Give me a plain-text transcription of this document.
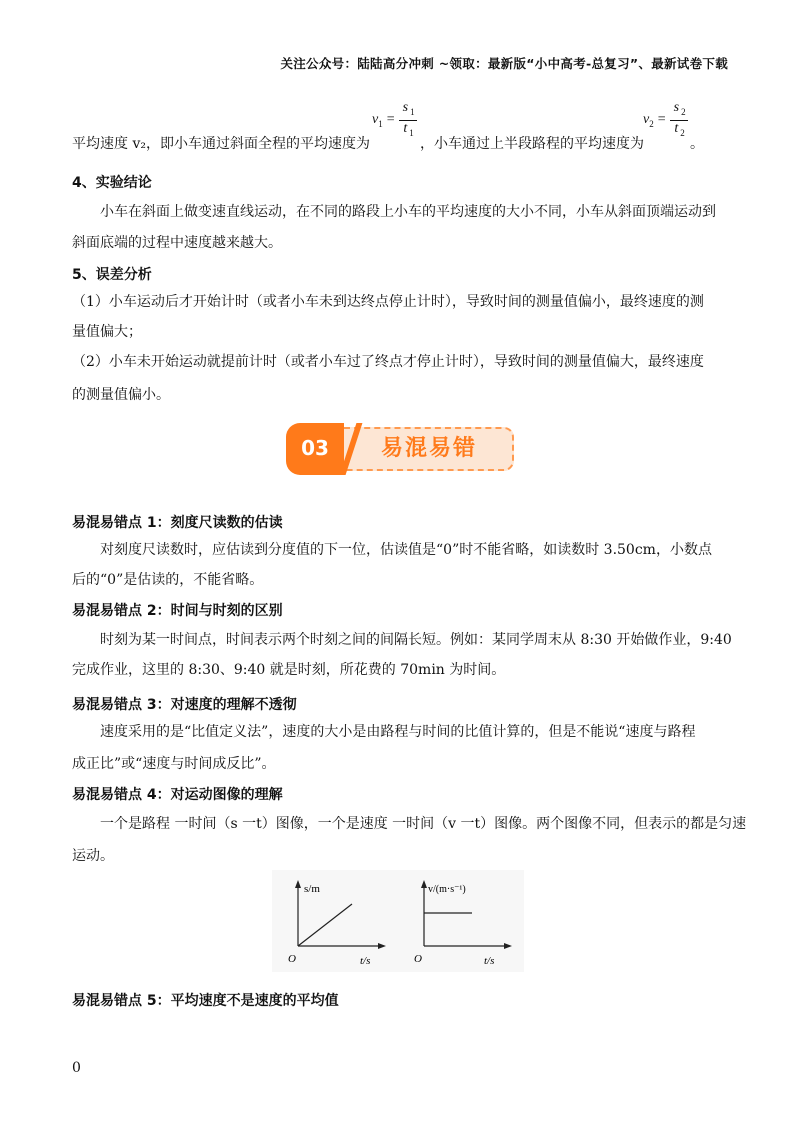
关注公众号：陆陆高分冲刺 ~领取：最新版“小中高考-总复习”、最新试卷下载
$v_1 = \frac{s _1}{t _1}$	$v_2 = \frac{s _2}{t _2}$
平均速度 v₂，即小车通过斜面全程的平均速度为	，小车通过上半段路程的平均速度为	。
4、实验结论
小车在斜面上做变速直线运动，在不同的路段上小车的平均速度的大小不同，小车从斜面顶端运动到
斜面底端的过程中速度越来越大。
5、误差分析
（1）小车运动后才开始计时（或者小车未到达终点停止计时），导致时间的测量值偏小，最终速度的测
量值偏大；
（2）小车未开始运动就提前计时（或者小车过了终点才停止计时），导致时间的测量值偏大，最终速度
的测量值偏小。
03	易混易错
易混易错点 1：刻度尺读数的估读
对刻度尺读数时，应估读到分度值的下一位，估读值是“0”时不能省略，如读数时 3.50cm，小数点
后的“0”是估读的，不能省略。
易混易错点 2：时间与时刻的区别
时刻为某一时间点，时间表示两个时刻之间的间隔长短。例如：某同学周末从 8:30 开始做作业，9:40
完成作业，这里的 8:30、9:40 就是时刻，所花费的 70min 为时间。
易混易错点 3：对速度的理解不透彻
速度采用的是“比值定义法”，速度的大小是由路程与时间的比值计算的，但是不能说“速度与路程
成正比”或“速度与时间成反比”。
易混易错点 4：对运动图像的理解
一个是路程 一时间（s 一t）图像，一个是速度 一时间（v 一t）图像。两个图像不同，但表示的都是匀速
运动。
s/m
t/s
O
v/(m·s⁻¹)
t/s
O
易混易错点 5：平均速度不是速度的平均值
0
